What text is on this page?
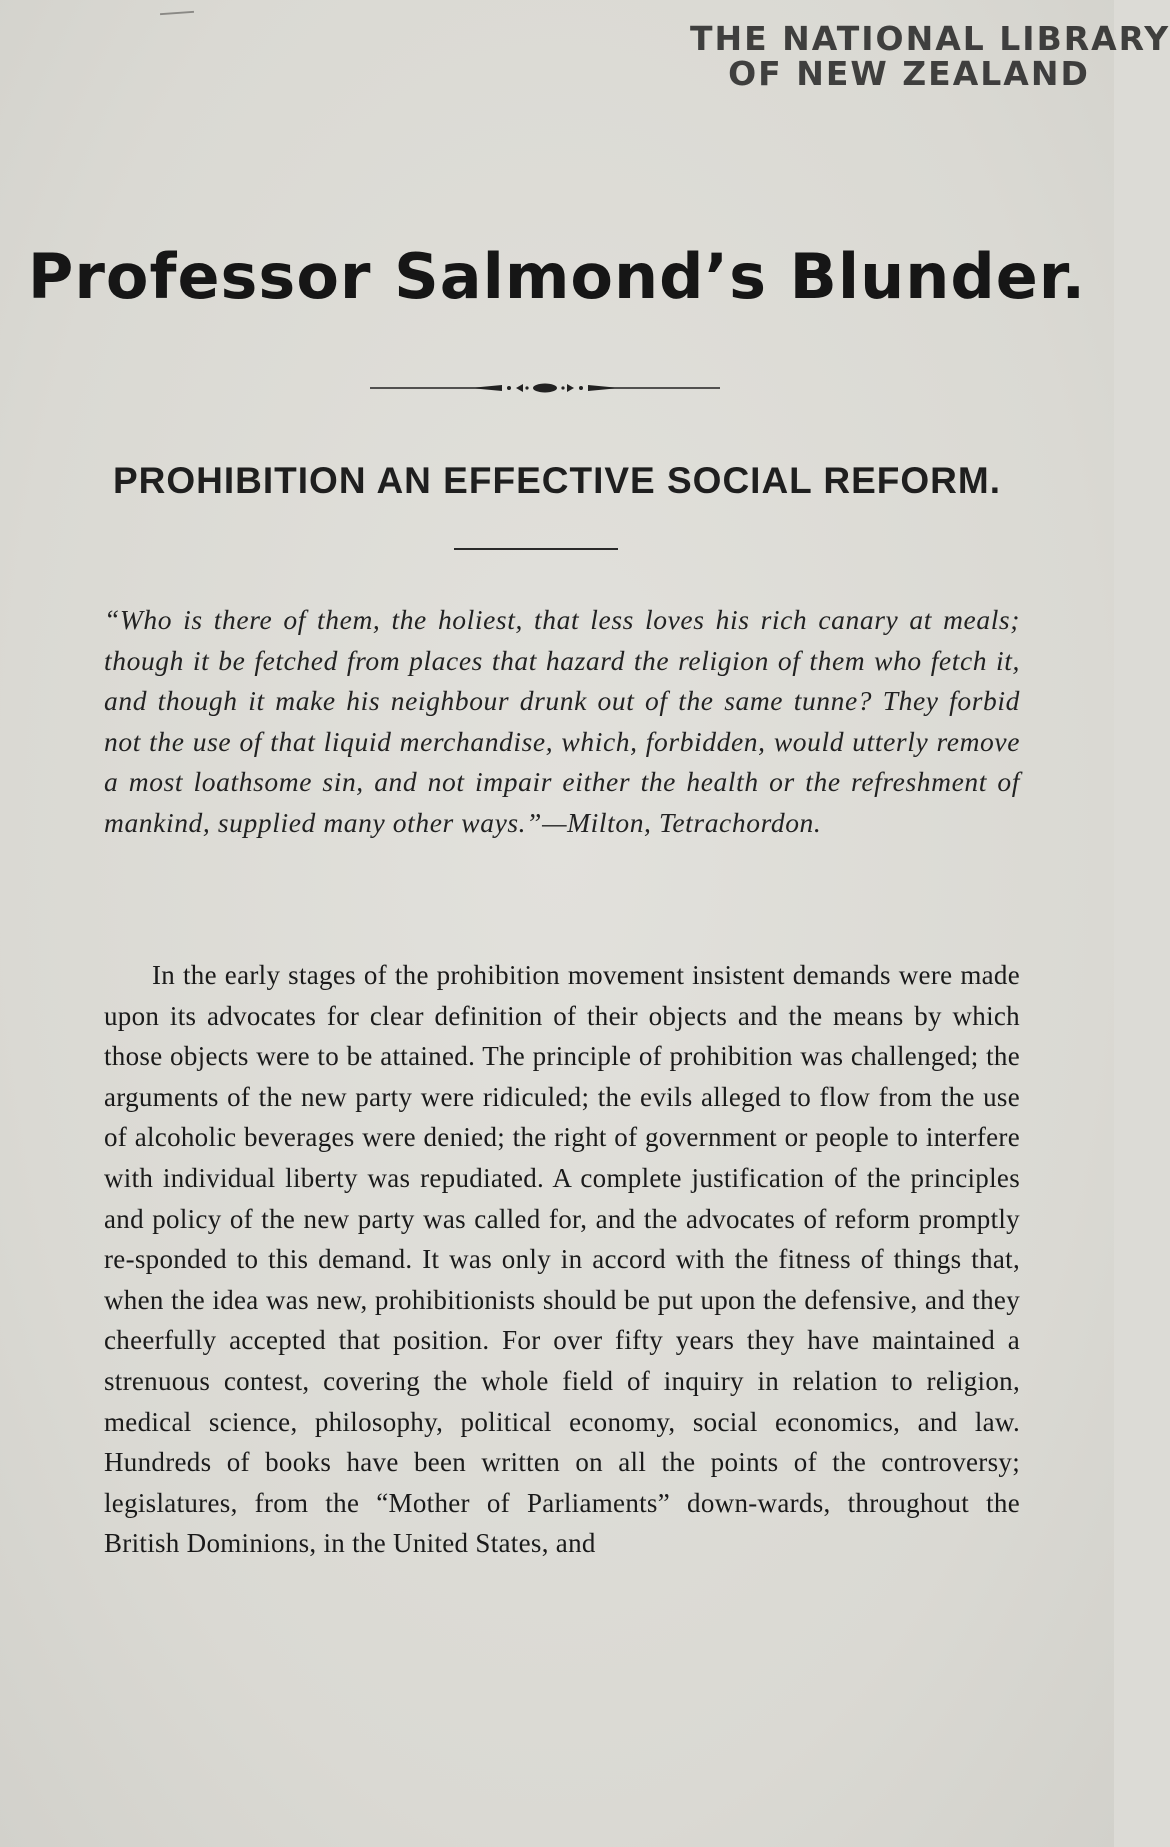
THE NATIONAL LIBRARY
OF NEW ZEALAND
Professor Salmond’s Blunder.
PROHIBITION AN EFFECTIVE SOCIAL REFORM.

“Who is there of them, the holiest, that less loves his rich canary at meals; though it be fetched from places that hazard the religion of them who fetch it, and though it make his neighbour drunk out of the same tunne? They forbid not the use of that liquid merchandise, which, forbidden, would utterly remove a most loathsome sin, and not impair either the health or the refreshment of mankind, supplied many other ways.”—Milton, Tetrachordon.

In the early stages of the prohibition movement insistent demands were made upon its advocates for clear definition of their objects and the means by which those objects were to be attained. The principle of prohibition was challenged; the arguments of the new party were ridiculed; the evils alleged to flow from the use of alcoholic beverages were denied; the right of government or people to interfere with individual liberty was repudiated. A complete justification of the principles and policy of the new party was called for, and the advocates of reform promptly re-sponded to this demand. It was only in accord with the fitness of things that, when the idea was new, prohibitionists should be put upon the defensive, and they cheerfully accepted that position. For over fifty years they have maintained a strenuous contest, covering the whole field of inquiry in relation to religion, medical science, philosophy, political economy, social economics, and law. Hundreds of books have been written on all the points of the controversy; legislatures, from the “Mother of Parliaments” down-wards, throughout the British Dominions, in the United States, and
